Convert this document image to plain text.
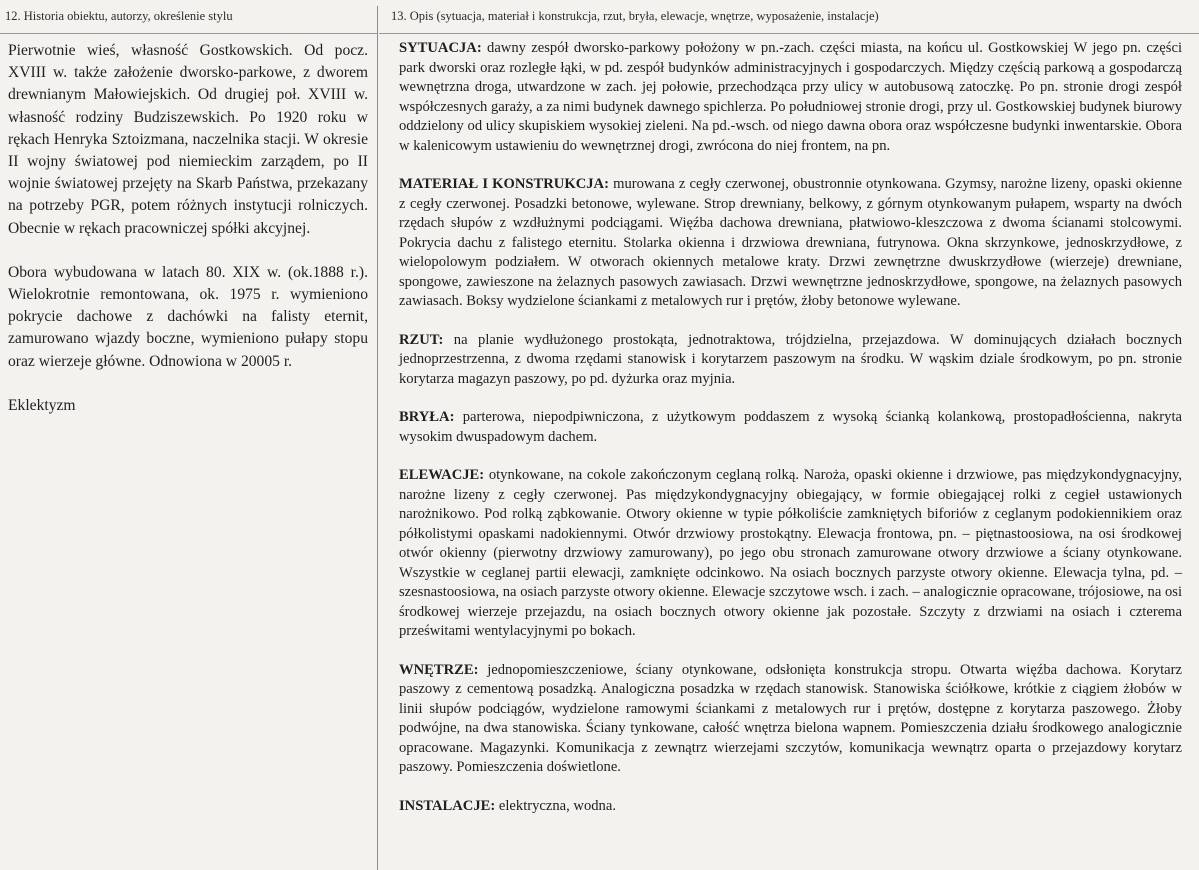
12. Historia obiektu, autorzy, określenie stylu

Pierwotnie wieś, własność Gostkowskich. Od pocz. XVIII w. także założenie dworsko-parkowe, z dworem drewnianym Małowiejskich. Od drugiej poł. XVIII w. własność rodziny Budziszewskich. Po 1920 roku w rękach Henryka Sztoizmana, naczelnika stacji. W okresie II wojny światowej pod niemieckim zarządem, po II wojnie światowej przejęty na Skarb Państwa, przekazany na potrzeby PGR, potem różnych instytucji rolniczych. Obecnie w rękach pracowniczej spółki akcyjnej.

Obora wybudowana w latach 80. XIX w. (ok.1888 r.). Wielokrotnie remontowana, ok. 1975 r. wymieniono pokrycie dachowe z dachówki na falisty eternit, zamurowano wjazdy boczne, wymieniono pułapy stopu oraz wierzeje główne. Odnowiona w 20005 r.

Eklektyzm

13. Opis (sytuacja, materiał i konstrukcja, rzut, bryła, elewacje, wnętrze, wyposażenie, instalacje)
SYTUACJA: dawny zespół dworsko-parkowy położony w pn.-zach. części miasta, na końcu ul. Gostkowskiej W jego pn. części park dworski oraz rozległe łąki, w pd. zespół budynków administracyjnych i gospodarczych. Między częścią parkową a gospodarczą wewnętrzna droga, utwardzone w zach. jej połowie, przechodząca przy ulicy w autobusową zatoczkę. Po pn. stronie drogi zespół współczesnych garaży, a za nimi budynek dawnego spichlerza. Po południowej stronie drogi, przy ul. Gostkowskiej budynek biurowy oddzielony od ulicy skupiskiem wysokiej zieleni. Na pd.-wsch. od niego dawna obora oraz współczesne budynki inwentarskie. Obora w kalenicowym ustawieniu do wewnętrznej drogi, zwrócona do niej frontem, na pn.
MATERIAŁ I KONSTRUKCJA: murowana z cegły czerwonej, obustronnie otynkowana. Gzymsy, narożne lizeny, opaski okienne z cegły czerwonej. Posadzki betonowe, wylewane. Strop drewniany, belkowy, z górnym otynkowanym pułapem, wsparty na dwóch rzędach słupów z wzdłużnymi podciągami. Więźba dachowa drewniana, płatwiowo-kleszczowa z dwoma ścianami stolcowymi. Pokrycia dachu z falistego eternitu. Stolarka okienna i drzwiowa drewniana, futrynowa. Okna skrzynkowe, jednoskrzydłowe, z wielopolowym podziałem. W otworach okiennych metalowe kraty. Drzwi zewnętrzne dwuskrzydłowe (wierzeje) drewniane, spongowe, zawieszone na żelaznych pasowych zawiasach. Drzwi wewnętrzne jednoskrzydłowe, spongowe, na żelaznych pasowych zawiasach. Boksy wydzielone ściankami z metalowych rur i prętów, żłoby betonowe wylewane.
RZUT: na planie wydłużonego prostokąta, jednotraktowa, trójdzielna, przejazdowa. W dominujących działach bocznych jednoprzestrzenna, z dwoma rzędami stanowisk i korytarzem paszowym na środku. W wąskim dziale środkowym, po pn. stronie korytarza magazyn paszowy, po pd. dyżurka oraz myjnia.
BRYŁA: parterowa, niepodpiwniczona, z użytkowym poddaszem z wysoką ścianką kolankową, prostopadłościenna, nakryta wysokim dwuspadowym dachem.
ELEWACJE: otynkowane, na cokole zakończonym ceglaną rolką. Naroża, opaski okienne i drzwiowe, pas międzykondygnacyjny, narożne lizeny z cegły czerwonej. Pas międzykondygnacyjny obiegający, w formie obiegającej rolki z cegieł ustawionych narożnikowo. Pod rolką ząbkowanie. Otwory okienne w typie półkoliście zamkniętych biforiów z ceglanym podokiennikiem oraz półkolistymi opaskami nadokiennymi. Otwór drzwiowy prostokątny. Elewacja frontowa, pn. – piętnastoosiowa, na osi środkowej otwór okienny (pierwotny drzwiowy zamurowany), po jego obu stronach zamurowane otwory drzwiowe a ściany otynkowane. Wszystkie w ceglanej partii elewacji, zamknięte odcinkowo. Na osiach bocznych parzyste otwory okienne. Elewacja tylna, pd. – szesnastoosiowa, na osiach parzyste otwory okienne. Elewacje szczytowe wsch. i zach. – analogicznie opracowane, trójosiowe, na osi środkowej wierzeje przejazdu, na osiach bocznych otwory okienne jak pozostałe. Szczyty z drzwiami na osiach i czterema prześwitami wentylacyjnymi po bokach.
WNĘTRZE: jednopomieszczeniowe, ściany otynkowane, odsłonięta konstrukcja stropu. Otwarta więźba dachowa. Korytarz paszowy z cementową posadzką. Analogiczna posadzka w rzędach stanowisk. Stanowiska ściółkowe, krótkie z ciągiem żłobów w linii słupów podciągów, wydzielone ramowymi ściankami z metalowych rur i prętów, dostępne z korytarza paszowego. Żłoby podwójne, na dwa stanowiska. Ściany tynkowane, całość wnętrza bielona wapnem. Pomieszczenia działu środkowego analogicznie opracowane. Magazynki. Komunikacja z zewnątrz wierzejami szczytów, komunikacja wewnątrz oparta o przejazdowy korytarz paszowy. Pomieszczenia doświetlone.
INSTALACJE: elektryczna, wodna.
